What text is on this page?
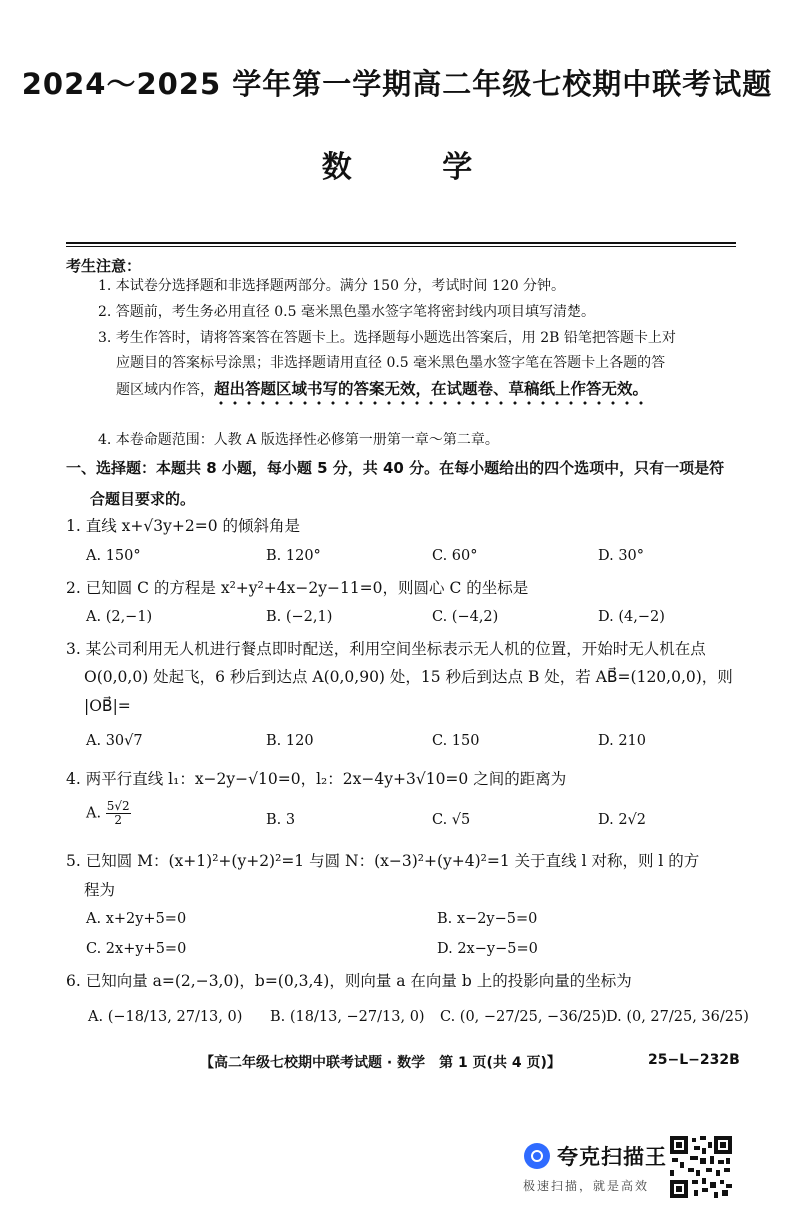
2024～2025 学年第一学期高二年级七校期中联考试题
数 学
考生注意：
1. 本试卷分选择题和非选择题两部分。满分 150 分，考试时间 120 分钟。
2. 答题前，考生务必用直径 0.5 毫米黑色墨水签字笔将密封线内项目填写清楚。
3. 考生作答时，请将答案答在答题卡上。选择题每小题选出答案后，用 2B 铅笔把答题卡上对
应题目的答案标号涂黑；非选择题请用直径 0.5 毫米黑色墨水签字笔在答题卡上各题的答
题区域内作答，超出答题区域书写的答案无效，在试题卷、草稿纸上作答无效。
4. 本卷命题范围：人教 A 版选择性必修第一册第一章～第二章。
一、选择题：本题共 8 小题，每小题 5 分，共 40 分。在每小题给出的四个选项中，只有一项是符
合题目要求的。
1. 直线 x+√3y+2=0 的倾斜角是
A. 150°	B. 120°	C. 60°	D. 30°
2. 已知圆 C 的方程是 x²+y²+4x−2y−11=0，则圆心 C 的坐标是
A. (2,−1)	B. (−2,1)	C. (−4,2)	D. (4,−2)
3. 某公司利用无人机进行餐点即时配送，利用空间坐标表示无人机的位置，开始时无人机在点
O(0,0,0) 处起飞，6 秒后到达点 A(0,0,90) 处，15 秒后到达点 B 处，若 AB⃗=(120,0,0)，则
|OB⃗|=
A. 30√7	B. 120	C. 150	D. 210
4. 两平行直线 l₁：x−2y−√10=0，l₂：2x−4y+3√10=0 之间的距离为
A. $\frac{5√2}{2}$	B. 3	C. √5	D. 2√2
5. 已知圆 M：(x+1)²+(y+2)²=1 与圆 N：(x−3)²+(y+4)²=1 关于直线 l 对称，则 l 的方
程为
A. x+2y+5=0	B. x−2y−5=0
C. 2x+y+5=0	D. 2x−y−5=0
6. 已知向量 a=(2,−3,0)，b=(0,3,4)，则向量 a 在向量 b 上的投影向量的坐标为
A. (−18/13, 27/13, 0) B. (18/13, −27/13, 0) C. (0, −27/25, −36/25) D. (0, 27/25, 36/25)
【高二年级七校期中联考试题 · 数学　第 1 页(共 4 页)】	25−L−232B
夸克扫描王
极速扫描，就是高效
